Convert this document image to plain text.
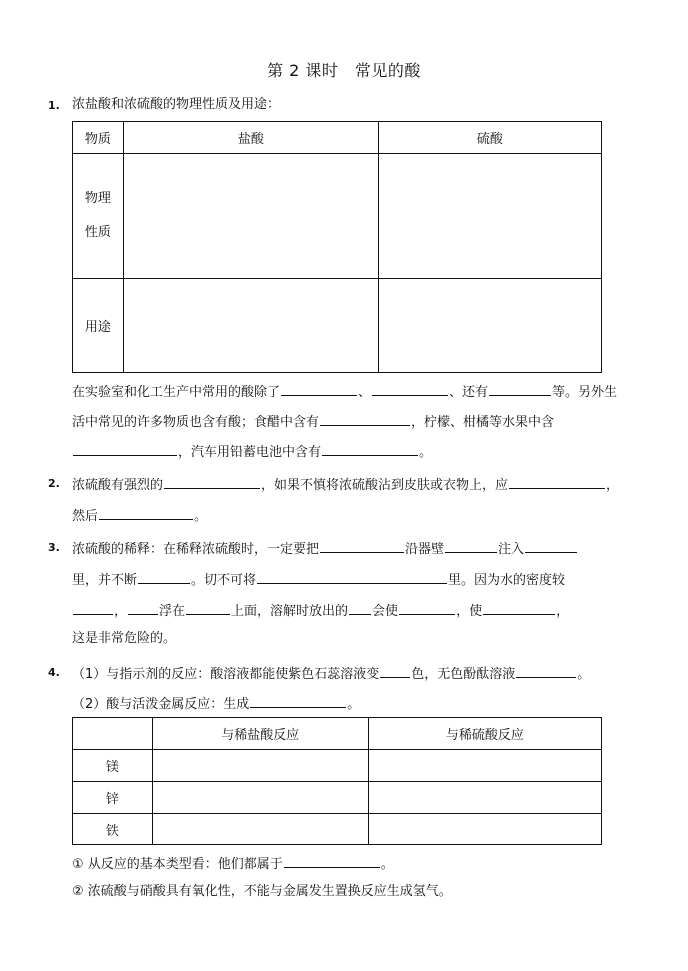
第 2 课时　常见的酸
1. 浓盐酸和浓硫酸的物理性质及用途：
物质	盐酸	硫酸

物理
性质		

用途		
在实验室和化工生产中常用的酸除了	、	、还有	等。另外生
活中常见的许多物质也含有酸；食醋中含有	，柠檬、柑橘等水果中含
，汽车用铅蓄电池中含有	。
2. 浓硫酸有强烈的	，如果不慎将浓硫酸沾到皮肤或衣物上，应	，
然后	。
3. 浓硫酸的稀释：在稀释浓硫酸时，一定要把	沿器壁	注入
里，并不断	。切不可将	里。因为水的密度较
， 浮在	上面，溶解时放出的 会使	，使	，
这是非常危险的。
4. （1）与指示剂的反应：酸溶液都能使紫色石蕊溶液变 色，无色酚酞溶液	。
（2）酸与活泼金属反应：生成	。
	与稀盐酸反应	与稀硫酸反应
镁		
锌		
铁		
① 从反应的基本类型看：他们都属于	。
② 浓硫酸与硝酸具有氧化性，不能与金属发生置换反应生成氢气。
